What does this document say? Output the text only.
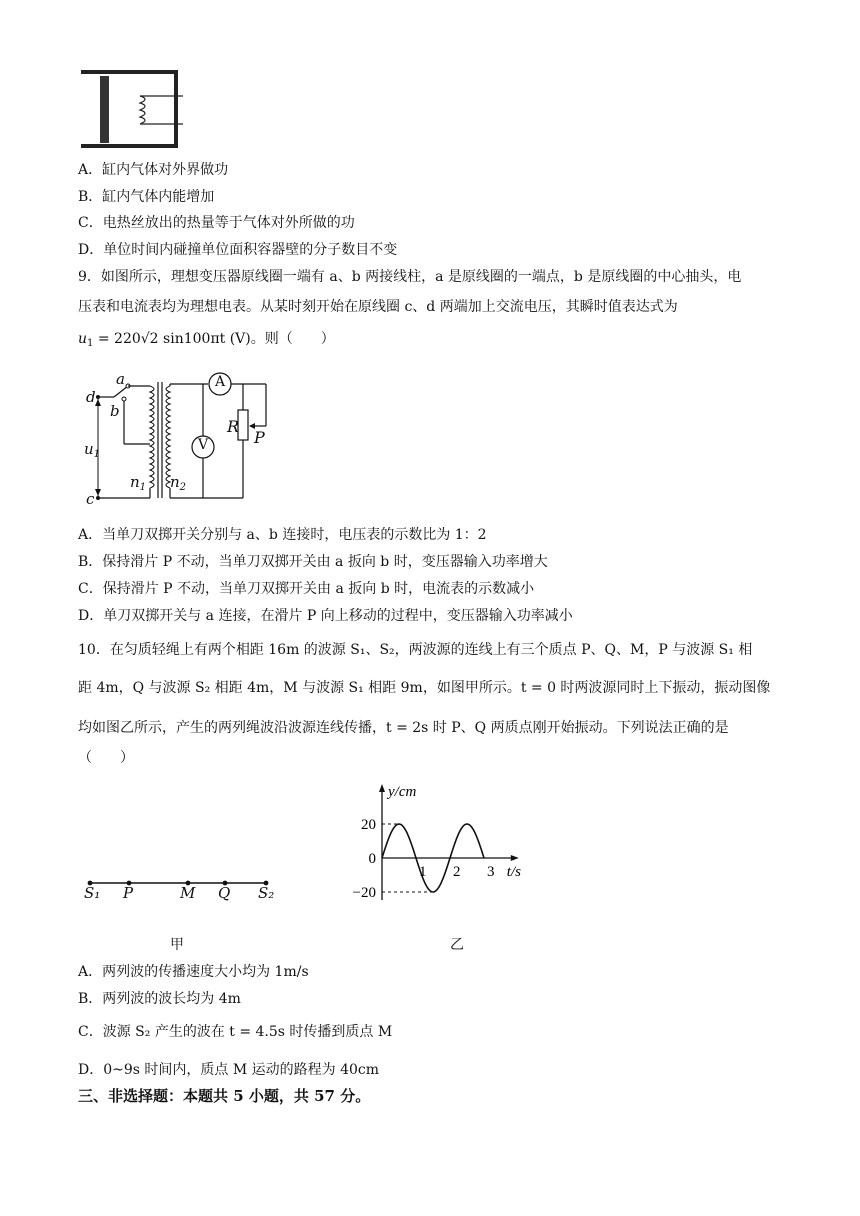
A．缸内气体对外界做功
B．缸内气体内能增加
C．电热丝放出的热量等于气体对外所做的功
D．单位时间内碰撞单位面积容器壁的分子数目不变
9．如图所示，理想变压器原线圈一端有 a、b 两接线柱，a 是原线圈的一端点，b 是原线圈的中心抽头，电
压表和电流表均为理想电表。从某时刻开始在原线圈 c、d 两端加上交流电压，其瞬时值表达式为
$u_1 = 220√2$ sin100πt (V)。则（　　）
d
a
b
$u_1$
c
$n_1$ $n_2$
A
V
R
P
A．当单刀双掷开关分别与 a、b 连接时，电压表的示数比为 1：2
B．保持滑片 P 不动，当单刀双掷开关由 a 扳向 b 时，变压器输入功率增大
C．保持滑片 P 不动，当单刀双掷开关由 a 扳向 b 时，电流表的示数减小
D．单刀双掷开关与 a 连接，在滑片 P 向上移动的过程中，变压器输入功率减小
10．在匀质轻绳上有两个相距 16m 的波源 S₁、S₂，两波源的连线上有三个质点 P、Q、M，P 与波源 S₁ 相
距 4m，Q 与波源 S₂ 相距 4m，M 与波源 S₁ 相距 9m，如图甲所示。t = 0 时两波源同时上下振动，振动图像
均如图乙所示，产生的两列绳波沿波源连线传播，t = 2s 时 P、Q 两质点刚开始振动。下列说法正确的是
（　　）
S₁ P	M Q S₂
甲
y/cm
t/s
20
0
−20
1 2 3
乙
A．两列波的传播速度大小均为 1m/s
B．两列波的波长均为 4m
C．波源 S₂ 产生的波在 t = 4.5s 时传播到质点 M
D．0~9s 时间内，质点 M 运动的路程为 40cm
三、非选择题：本题共 5 小题，共 57 分。
